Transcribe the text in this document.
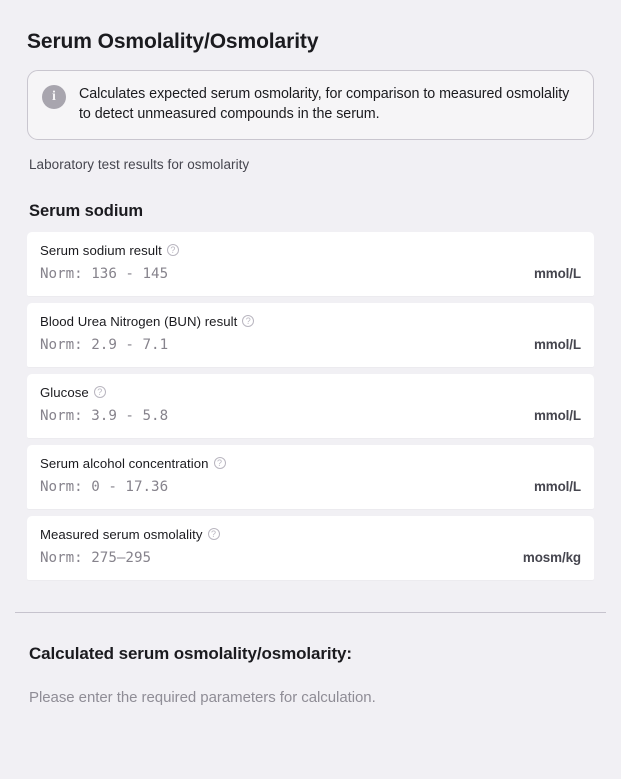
Serum Osmolality/Osmolarity
i	Calculates expected serum osmolarity, for comparison to measured osmolality to detect unmeasured compounds in the serum.
Laboratory test results for osmolarity
Serum sodium
Serum sodium result ?
Norm: 136 - 145	mmol/L
Blood Urea Nitrogen (BUN) result ?
Norm: 2.9 - 7.1	mmol/L
Glucose ?
Norm: 3.9 - 5.8	mmol/L
Serum alcohol concentration ?
Norm: 0 - 17.36	mmol/L
Measured serum osmolality ?
Norm: 275–295	mosm/kg
Calculated serum osmolality/osmolarity:
Please enter the required parameters for calculation.
